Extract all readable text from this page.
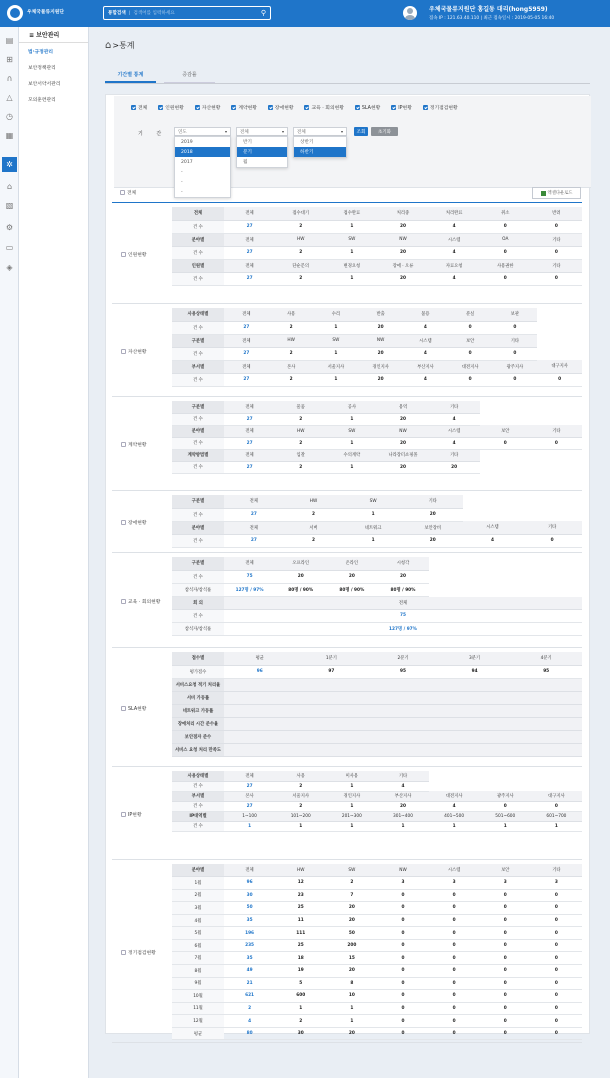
우체국물류지원단
	통합검색 | 검색어를 입력하세요	⚲	우체국물류지원단 홍길동 대리(hong5959)
접속 IP : 121.63.40.110 | 최근 접속일시 : 2019-05-05 16:40
▤
⊞
∩
△
◷
▦
✲
⌂
▧
⚙
▭
◈
≡ 보안관리
법·규정관리
보안정책관리
보안서약서관리
모의훈련관리
⌂ > 통계
기간별 통계	증감률
전체	인원현황	자산현황	계약현황	장애현황	교육 · 회의현황	SLA현황	IP현황	정기점검현황
기 간	연도 ▾
2019
2018
2017
-
-
-
전체 ▾
반기
분기
월
전체 ▾
상반기
하반기
조회	초기화
전체	엑셀다운로드
인원현황
전체	전체	접수대기	접수완료	처리중	처리완료	취소	반려
건 수	27	2	1	20	4	0	0
분야별	전체	HW	SW	NW	시스템	OA	기타
건 수	27	2	1	20	4	0	0
인원별	전체	단순문의	변경요청	장애 · 오류	자료요청	사용권한	기타
건 수	27	2	1	20	4	0	0
자산현황
사용상태별	전체	사용	수리	반출	불용	분실	보관	
건 수	27	2	1	20	4	0	0	
구분별	전체	HW	SW	NW	시스템	보안	기타	
건 수	27	2	1	20	4	0	0	
부서별	전체	본사	서울지사	경인지사	부산지사	대전지사	광주지사	대구지사
건 수	27	2	1	20	4	0	0	0
계약현황
구분별	전체	물품	공사	용역	기타		
건 수	27	2	1	20	4		
분야별	전체	HW	SW	NW	시스템	보안	기타
건 수	27	2	1	20	4	0	0
계약방법별	전체	입찰	수의계약	나라장터쇼핑몰	기타		
건 수	27	2	1	20	20		
장애현황
구분별	전체	HW	SW	기타		
건 수	27	2	1	20		
분야별	전체	서버	네트워크	보안장비	시스템	기타
건 수	27	2	1	20	4	0
교육 · 회의현황
구분별	전체	오프라인	온라인	시청각
건 수	75	20	20	20
참석자/참석률	127명 / 97%	80명 / 90%	80명 / 90%	80명 / 90%
회 의	전체			
건 수	75			
참석자/참석률	127명 / 97%			
SLA현황
접수별	평균	1분기	2분기	3분기	4분기
평가점수	96	97	95	94	95
서비스요청 적기 처리율					
서비 가동률					
네트워크 가동률					
장애처리 시간 준수율					
보안점자 준수					
서비스 요청 처리 만족도					
IP현황
사용상태별	전체	사용	미사용	기타			
건 수	27	2	1	4			
부서별	본사	서울지사	경인지사	부산지사	대전지사	광주지사	대구지사
건 수	27	2	1	20	4	0	0
IP대역별	1~100	101~200	201~300	301~400	401~500	501~600	601~700
건 수	1	1	1	1	1	1	1
정기점검현황
분야별	전체	HW	SW	NW	시스템	보안	기타
1월	96	12	2	3	3	3	3
2월	30	23	7	0	0	0	0
3월	50	25	20	0	0	0	0
4월	35	11	20	0	0	0	0
5월	196	111	50	0	0	0	0
6월	235	25	200	0	0	0	0
7월	35	18	15	0	0	0	0
8월	49	19	20	0	0	0	0
9월	21	5	8	0	0	0	0
10월	621	600	10	0	0	0	0
11월	2	1	1	0	0	0	0
12월	4	2	1	0	0	0	0
평균	80	30	20	0	0	0	0
